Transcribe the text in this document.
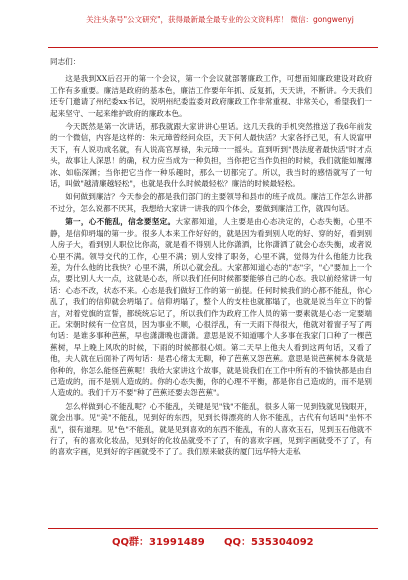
关注头条号"公文研究"，获得最新最全最专业的公文资料库！ 微信：gongwenyj

同志们：

这是我到XX后召开的第一个会议，第一个会议就部署廉政工作，可想而知廉政建设对政府工作有多重要。廉洁是政府的基本色，廉洁工作要年年抓、反复抓，天天讲，不断讲。今天我们还专门邀请了州纪委xx书记，说明州纪委监委对政府廉政工作非常重视、非常关心，希望我们一起来坚守、一起来维护政府的廉政本色。

今天既然是第一次讲话，那我就跟大家讲讲心里话。这几天我的手机突然推送了我6年前发的一个微信，内容是这样的：朱元璋曾经问众臣，天下何人最快活？大家各抒己见，有人说富甲天下，有人说功成名就，有人说高官厚禄，朱元璋一一摇头。直到听到"畏法度者最快活"时才点头，故事让人深思！的确，权力应当成为一种负担，当你把它当作负担的时候，我们就能如履薄冰、如临深渊；当你把它当作一种乐趣时，那么一切都完了。所以，我当时的感悟就写了一句话，叫做"越清廉越轻松"，也就是我什么时候最轻松？廉洁的时候最轻松。

如何做到廉洁？今天参会的都是我们部门的主要领导和县市的班子成员。廉洁工作怎么讲都不过分，怎么说都不厌其，我想给大家讲一讲我的四个体会，要做到廉洁工作，就四句话。

第一，心不能乱，信念要坚定。大家都知道，人主要是由心态决定的，心态失衡，心里不静，是信仰坍塌的第一步。很多人本来工作好好的，就是因为看到别人吃的好、穿的好，看到别人房子大，看到别人职位比你高，就是看不得别人比你潇洒，比你潇洒了就会心态失衡，或者说心里不满。领导交代的工作，心里不满；别人安排了职务，心里不满，觉得为什么他能力比我差，为什么他的比我快？心里不满，所以心就会乱。大家都知道心态的"态"字，"心"要加上一个点，要比别人大一点，这就是心态，所以我们任何时候都要能够自己的心态。我以前经常讲一句话：心态不改，状态不来。心态是我们做好工作的第一前提。任何时候我们的心都不能乱，你心乱了，我们的信仰就会坍塌了。信仰坍塌了，整个人的支柱也就都塌了，也就是说当年立下的誓言，对着党旗的宣誓，都统统忘记了，所以我们作为政府工作人员的第一要素就是心态一定要端正。宋朝时候有一位官员，因为事业不顺，心很浮乱，有一天雨下得很大，他就对着窗子写了两句话：是谁多事种芭蕉，早也潇潇晚也潇潇。意思是说不知道哪个人多事在我家门口种了一棵芭蕉树，早上晚上风吹的时候，下雨的时候都很心烦。第二天早上他夫人看到这两句话，又看了他，夫人就在后面补了两句话：是君心绪太无聊，种了芭蕉又怨芭蕉。意思是说芭蕉树本身就是你种的，你怎么能怪芭蕉呢！我给大家讲这个故事，就是说我们在工作中所有的不愉快都是由自己造成的，而不是别人造成的。你的心态失衡，你的心理不平衡，都是你自己造成的，而不是别人造成的。我们千万不要"种了芭蕉还要去怨芭蕉"。

怎么样做到心不能乱呢？心不能乱，关键是见"钱"不能乱，很多人第一见到钱就见钱眼开，就会出事。见"美"不能乱，见到好的东西，见到长得漂亮的人你不能乱，古代有句话叫"坐怀不乱"，很有道理。见"色"不能乱，就是见到喜欢的东西不能乱，有的人喜欢玉石，见到玉石他就不行了，有的喜欢化妆品，见到好的化妆品就受不了了，有的喜欢字画，见到字画就受不了了，有的喜欢字画，见到好的字画就受不了了。我们原来破获的厦门远华特大走私

QQ群：31991489 QQ：535304092
